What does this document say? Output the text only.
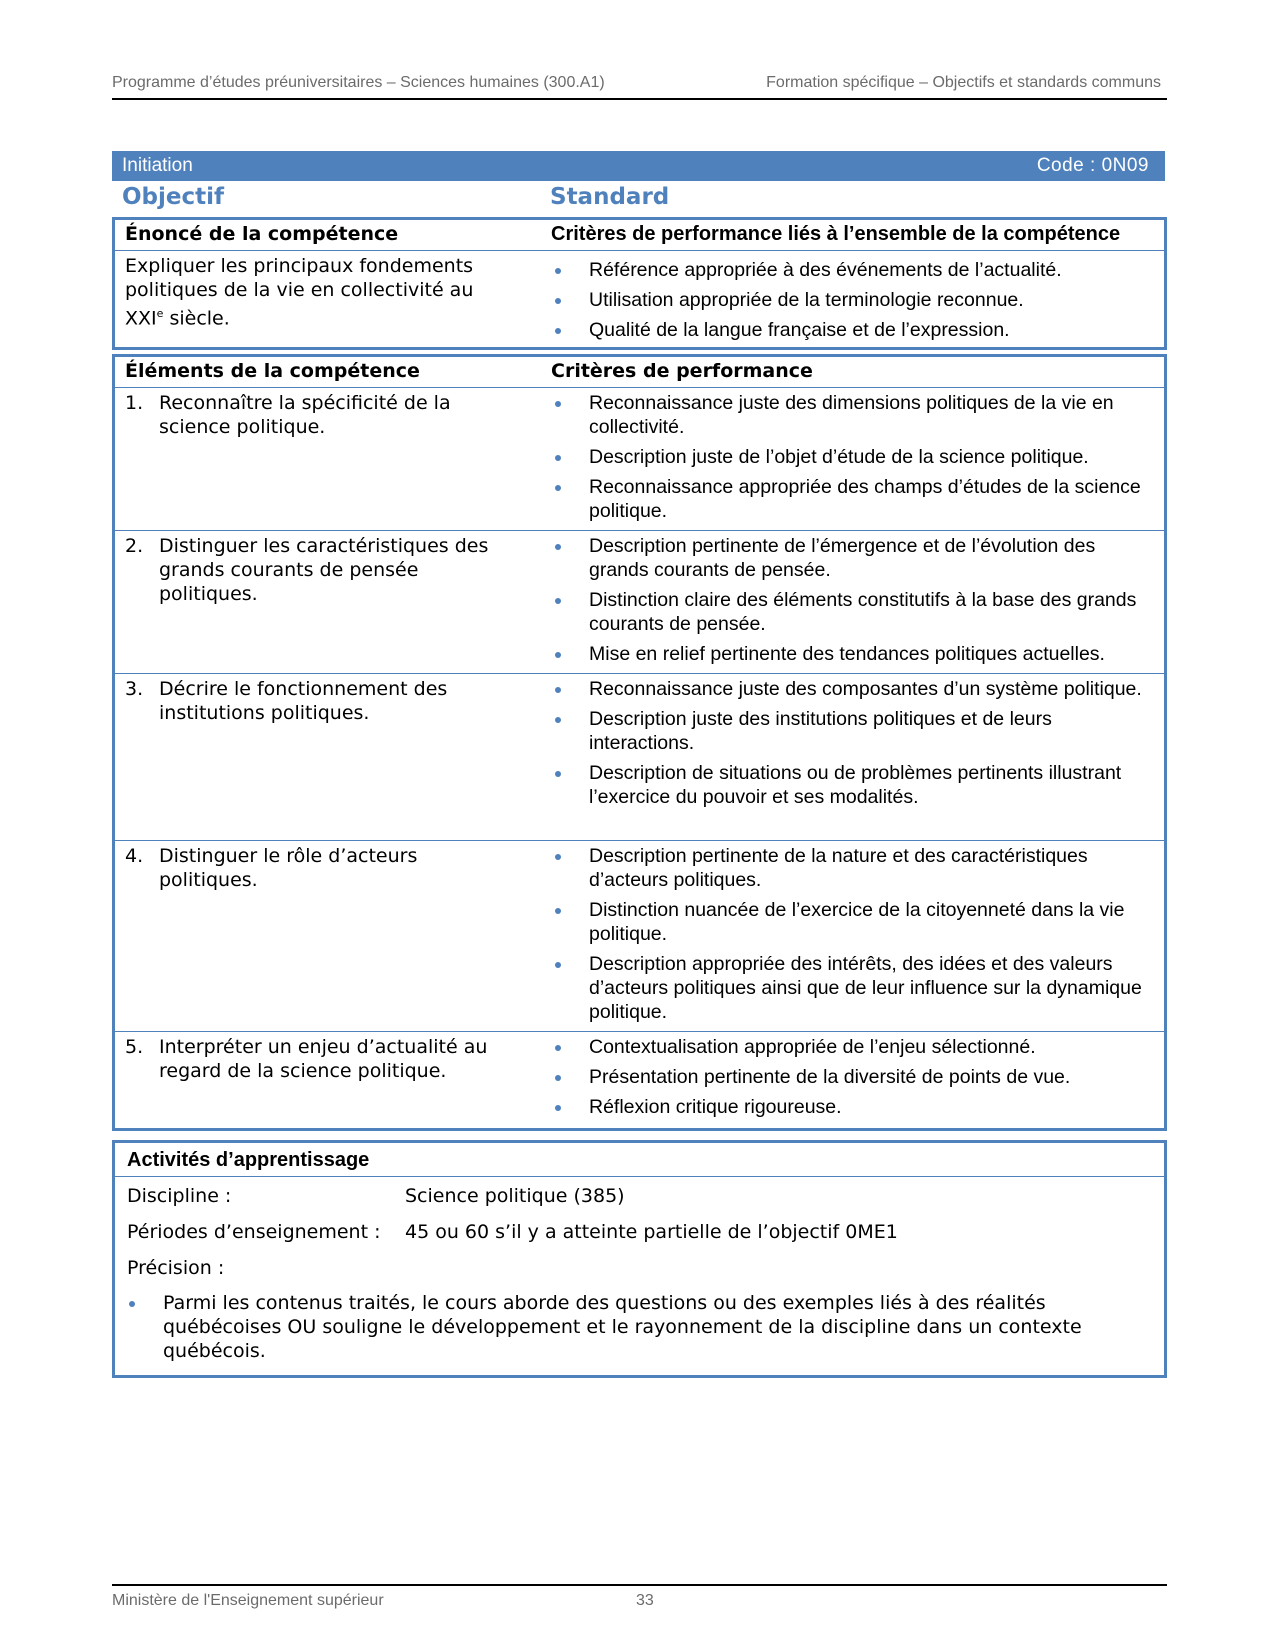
Programme d’études préuniversitaires – Sciences humaines (300.A1)	Formation spécifique – Objectifs et standards communs
Initiation	Code : 0N09
Objectif	Standard
Énoncé de la compétence	Critères de performance liés à l’ensemble de la compétence
Expliquer les principaux fondements politiques de la vie en collectivité au XXIe siècle.
Référence appropriée à des événements de l’actualité.
Utilisation appropriée de la terminologie reconnue.
Qualité de la langue française et de l’expression.
Éléments de la compétence	Critères de performance
1. Reconnaître la spécificité de la science politique.
Reconnaissance juste des dimensions politiques de la vie en collectivité.
Description juste de l’objet d’étude de la science politique.
Reconnaissance appropriée des champs d’études de la science politique.
2. Distinguer les caractéristiques des grands courants de pensée politiques.
Description pertinente de l’émergence et de l’évolution des grands courants de pensée.
Distinction claire des éléments constitutifs à la base des grands courants de pensée.
Mise en relief pertinente des tendances politiques actuelles.
3. Décrire le fonctionnement des institutions politiques.
Reconnaissance juste des composantes d’un système politique.
Description juste des institutions politiques et de leurs interactions.
Description de situations ou de problèmes pertinents illustrant l’exercice du pouvoir et ses modalités.
4. Distinguer le rôle d’acteurs politiques.
Description pertinente de la nature et des caractéristiques d’acteurs politiques.
Distinction nuancée de l’exercice de la citoyenneté dans la vie politique.
Description appropriée des intérêts, des idées et des valeurs d’acteurs politiques ainsi que de leur influence sur la dynamique politique.
5. Interpréter un enjeu d’actualité au regard de la science politique.
Contextualisation appropriée de l’enjeu sélectionné.
Présentation pertinente de la diversité de points de vue.
Réflexion critique rigoureuse.
Activités d’apprentissage
Discipline :	Science politique (385)
Périodes d’enseignement : 45 ou 60 s’il y a atteinte partielle de l’objectif 0ME1
Précision :
Parmi les contenus traités, le cours aborde des questions ou des exemples liés à des réalités québécoises OU souligne le développement et le rayonnement de la discipline dans un contexte québécois.
Ministère de l'Enseignement supérieur	33
